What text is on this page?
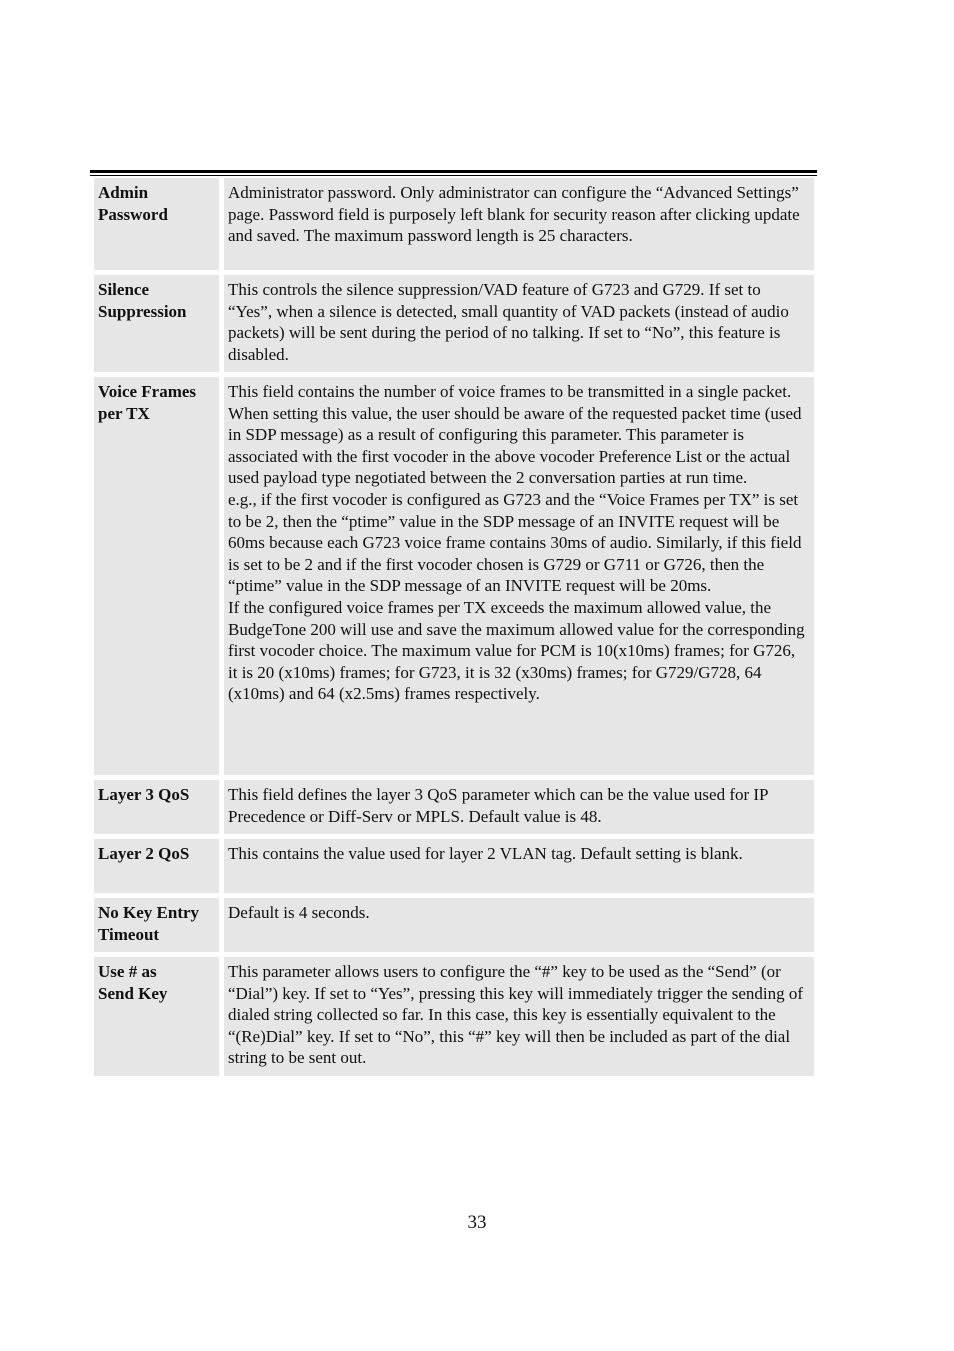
Admin
Password

Administrator password. Only administrator can configure the “Advanced Settings” page. Password field is purposely left blank for security reason after clicking update and saved. The maximum password length is 25 characters.

Silence
Suppression

This controls the silence suppression/VAD feature of G723 and G729. If set to “Yes”, when a silence is detected, small quantity of VAD packets (instead of audio packets) will be sent during the period of no talking. If set to “No”, this feature is disabled.

Voice Frames
per TX

This field contains the number of voice frames to be transmitted in a single packet. When setting this value, the user should be aware of the requested packet time (used in SDP message) as a result of configuring this parameter. This parameter is associated with the first vocoder in the above vocoder Preference List or the actual used payload type negotiated between the 2 conversation parties at run time.

e.g., if the first vocoder is configured as G723 and the “Voice Frames per TX” is set to be 2, then the “ptime” value in the SDP message of an INVITE request will be 60ms because each G723 voice frame contains 30ms of audio. Similarly, if this field is set to be 2 and if the first vocoder chosen is G729 or G711 or G726, then the “ptime” value in the SDP message of an INVITE request will be 20ms.

If the configured voice frames per TX exceeds the maximum allowed value, the BudgeTone 200 will use and save the maximum allowed value for the corresponding first vocoder choice. The maximum value for PCM is 10(x10ms) frames; for G726, it is 20 (x10ms) frames; for G723, it is 32 (x30ms) frames; for G729/G728, 64 (x10ms) and 64 (x2.5ms) frames respectively.

Layer 3 QoS	This field defines the layer 3 QoS parameter which can be the value used for IP Precedence or Diff-Serv or MPLS. Default value is 48.

Layer 2 QoS	This contains the value used for layer 2 VLAN tag. Default setting is blank.

No Key Entry
Timeout

Default is 4 seconds.

Use # as
Send Key

This parameter allows users to configure the “#” key to be used as the “Send” (or “Dial”) key. If set to “Yes”, pressing this key will immediately trigger the sending of dialed string collected so far. In this case, this key is essentially equivalent to the “(Re)Dial” key. If set to “No”, this “#” key will then be included as part of the dial string to be sent out.

33
